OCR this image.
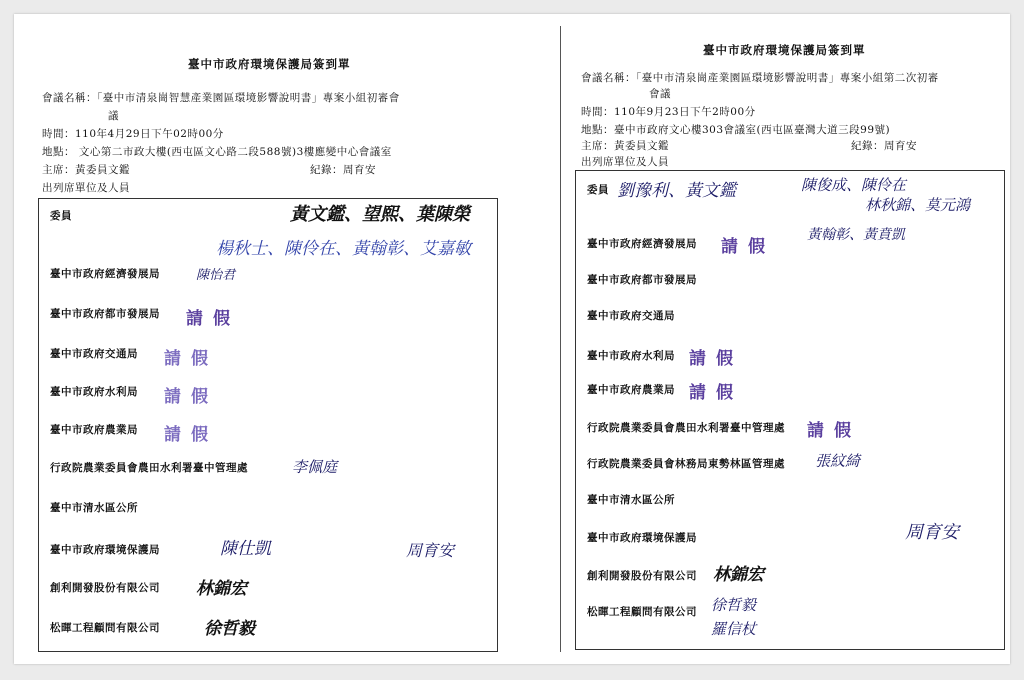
臺中市政府環境保護局簽到單
會議名稱：「臺中市清泉崗智慧產業園區環境影響說明書」專案小組初審會
議
時間：110年4月29日下午02時00分
地點： 文心第二市政大樓(西屯區文心路二段588號)3樓應變中心會議室
主席：黃委員文鑑	紀錄：周育安
出列席單位及人員
委員	黃文鑑、望熙、葉陳榮
楊秋士、陳伶在、黃翰彰、艾嘉敏
臺中市政府經濟發展局	陳怡君
臺中市政府都市發展局 請假
臺中市政府交通局 請假
臺中市政府水利局 請假
臺中市政府農業局 請假
行政院農業委員會農田水利署臺中管理處	李佩庭
臺中市清水區公所
臺中市政府環境保護局	陳仕凱	周育安
創利開發股份有限公司 林錦宏
松暉工程顧問有限公司	徐哲毅
臺中市政府環境保護局簽到單
會議名稱：「臺中市清泉崗產業園區環境影響說明書」專案小組第二次初審
會議
時間：110年9月23日下午2時00分
地點：臺中市政府文心樓303會議室(西屯區臺灣大道三段99號)
主席：黃委員文鑑	紀錄：周育安
出列席單位及人員
委員 劉豫利、黃文鑑	陳俊成、陳伶在
林秋錦、莫元鴻
黃翰彰、黃賁凱
臺中市政府經濟發展局 請假
臺中市政府都市發展局
臺中市政府交通局
臺中市政府水利局 請假
臺中市政府農業局 請假
行政院農業委員會農田水利署臺中管理處 請假
行政院農業委員會林務局東勢林區管理處 張紋綺
臺中市清水區公所
臺中市政府環境保護局	周育安
創利開發股份有限公司 林錦宏
松暉工程顧問有限公司 徐哲毅
羅信杖
